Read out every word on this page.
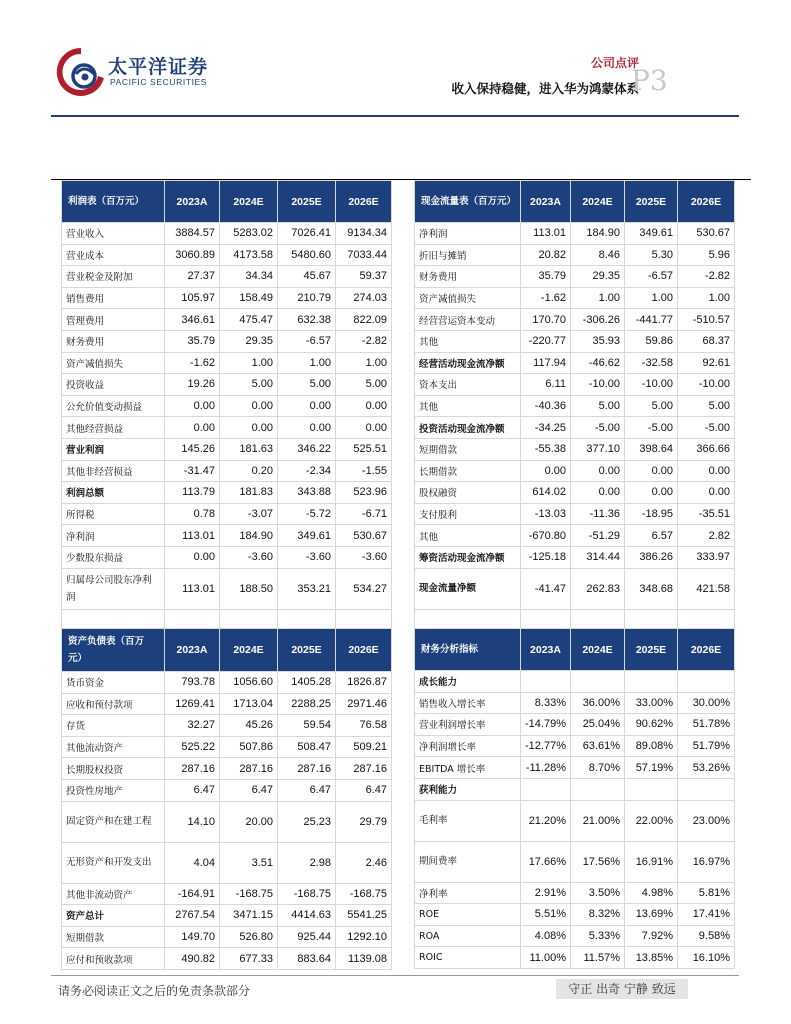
太平洋证券
PACIFIC SECURITIES
公司点评
收入保持稳健，进入华为鸿蒙体系
P3
利润表（百万元）	2023A	2024E	2025E	2026E
营业收入	3884.57	5283.02	7026.41	9134.34
营业成本	3060.89	4173.58	5480.60	7033.44
营业税金及附加	27.37	34.34	45.67	59.37
销售费用	105.97	158.49	210.79	274.03
管理费用	346.61	475.47	632.38	822.09
财务费用	35.79	29.35	-6.57	-2.82
资产减值损失	-1.62	1.00	1.00	1.00
投资收益	19.26	5.00	5.00	5.00
公允价值变动损益	0.00	0.00	0.00	0.00
其他经营损益	0.00	0.00	0.00	0.00
营业利润	145.26	181.63	346.22	525.51
其他非经营损益	-31.47	0.20	-2.34	-1.55
利润总额	113.79	181.83	343.88	523.96
所得税	0.78	-3.07	-5.72	-6.71
净利润	113.01	184.90	349.61	530.67
少数股东损益	0.00	-3.60	-3.60	-3.60
归属母公司股东净利润	113.01	188.50	353.21	534.27

现金流量表（百万元）	2023A	2024E	2025E	2026E
净利润	113.01	184.90	349.61	530.67
折旧与摊销	20.82	8.46	5.30	5.96
财务费用	35.79	29.35	-6.57	-2.82
资产减值损失	-1.62	1.00	1.00	1.00
经营营运资本变动	170.70	-306.26	-441.77	-510.57
其他	-220.77	35.93	59.86	68.37
经营活动现金流净额	117.94	-46.62	-32.58	92.61
资本支出	6.11	-10.00	-10.00	-10.00
其他	-40.36	5.00	5.00	5.00
投资活动现金流净额	-34.25	-5.00	-5.00	-5.00
短期借款	-55.38	377.10	398.64	366.66
长期借款	0.00	0.00	0.00	0.00
股权融资	614.02	0.00	0.00	0.00
支付股利	-13.03	-11.36	-18.95	-35.51
其他	-670.80	-51.29	6.57	2.82
筹资活动现金流净额	-125.18	314.44	386.26	333.97
现金流量净额	-41.47	262.83	348.68	421.58

资产负债表（百万元）	2023A	2024E	2025E	2026E
货币资金	793.78	1056.60	1405.28	1826.87
应收和预付款项	1269.41	1713.04	2288.25	2971.46
存货	32.27	45.26	59.54	76.58
其他流动资产	525.22	507.86	508.47	509.21
长期股权投资	287.16	287.16	287.16	287.16
投资性房地产	6.47	6.47	6.47	6.47
固定资产和在建工程	14.10	20.00	25.23	29.79
无形资产和开发支出	4.04	3.51	2.98	2.46
其他非流动资产	-164.91	-168.75	-168.75	-168.75
资产总计	2767.54	3471.15	4414.63	5541.25
短期借款	149.70	526.80	925.44	1292.10
应付和预收款项	490.82	677.33	883.64	1139.08
财务分析指标	2023A	2024E	2025E	2026E
成长能力				
销售收入增长率	8.33%	36.00%	33.00%	30.00%
营业利润增长率	-14.79%	25.04%	90.62%	51.78%
净利润增长率	-12.77%	63.61%	89.08%	51.79%
EBITDA 增长率	-11.28%	8.70%	57.19%	53.26%
获利能力				
毛利率	21.20%	21.00%	22.00%	23.00%
期间费率	17.66%	17.56%	16.91%	16.97%
净利率	2.91%	3.50%	4.98%	5.81%
ROE	5.51%	8.32%	13.69%	17.41%
ROA	4.08%	5.33%	7.92%	9.58%
ROIC	11.00%	11.57%	13.85%	16.10%
请务必阅读正文之后的免责条款部分	守正 出奇 宁静 致远
